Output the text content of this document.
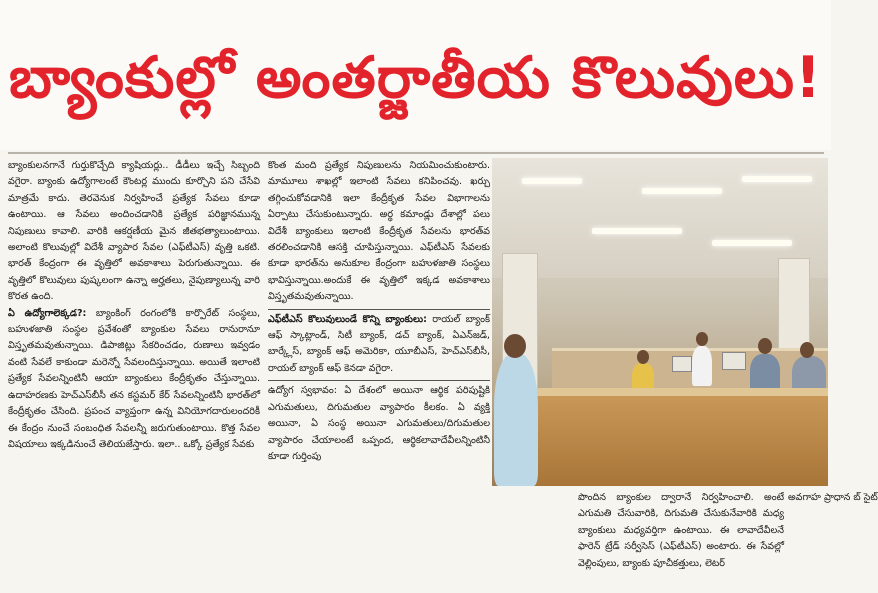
బ్యాంకుల్లో అంతర్జాతీయ కొలువులు!

బ్యాంకులనగానే గుర్తుకొచ్చేది క్యాషియర్లు.. డీడీలు ఇచ్చే సిబ్బంది వగైరా. బ్యాంకు ఉద్యోగాలంటే కౌంటర్ల ముందు కూర్చొని పని చేసేవి మాత్రమే కాదు. తెరవెనుక నిర్వహించే ప్రత్యేక సేవలు కూడా ఉంటాయి. ఆ సేవలు అందించడానికి ప్రత్యేక పరిజ్ఞానమున్న నిపుణులు కావాలి. వారికి ఆకర్షణీయ మైన జీతభత్యాలుంటాయి. అలాంటి కొలువుల్లో విదేశీ వ్యాపార సేవల (ఎఫ్‌టీఎస్) వృత్తి ఒకటి. భారత్ కేంద్రంగా ఈ వృత్తిలో అవకాశాలు పెరుగుతున్నాయి. ఈ వృత్తిలో కొలువులు పుష్కలంగా ఉన్నా అర్హతలు, నైపుణ్యాలున్న వారి కొరత ఉంది.

ఏ ఉద్యోగాలెక్కడ?: బ్యాంకింగ్ రంగంలోకి కార్పొరేట్ సంస్థలు, బహుళజాతి సంస్థల ప్రవేశంతో బ్యాంకుల సేవలు రానురానూ విస్తృతమవుతున్నాయి. డిపాజిట్లు సేకరించడం, రుణాలు ఇవ్వడం వంటి సేవలే కాకుండా మరెన్నో సేవలందిస్తున్నాయి. అయితే ఇలాంటి ప్రత్యేక సేవలన్నింటినీ ఆయా బ్యాంకులు కేంద్రీకృతం చేస్తున్నాయి. ఉదాహరణకు హెచ్ఎస్‌బీసీ తన కస్టమర్ కేర్ సేవలన్నింటినీ భారత్‌లో కేంద్రీకృతం చేసింది. ప్రపంచ వ్యాప్తంగా ఉన్న వినియోగదారులందరికీ ఈ కేంద్రం నుంచే సంబంధిత సేవలన్నీ జరుగుతుంటాయి. కొత్త సేవల విషయాలు ఇక్కడినుంచే తెలియజేస్తారు. ఇలా.. ఒక్కో ప్రత్యేక సేవకు

కొంత మంది ప్రత్యేక నిపుణులను నియమించుకుంటారు. మామూలు శాఖల్లో ఇలాంటి సేవలు కనిపించవు. ఖర్చు తగ్గించుకోవడానికి ఇలా కేంద్రీకృత సేవల విభాగాలను ఏర్పాటు చేసుకుంటున్నారు. అర్థ కమాండ్లు దేశాల్లో పలు విదేశీ బ్యాంకులు ఇలాంటి కేంద్రీకృత సేవలను భారత్‌వ తరలించడానికి ఆసక్తి చూపిస్తున్నాయి. ఎఫ్‌టీఎస్ సేవలకు కూడా భారత్‌ను అనుకూల కేంద్రంగా బహుళజాతి సంస్థలు భావిస్తున్నాయి.అందుకే ఈ వృత్తిలో ఇక్కడ అవకాశాలు విస్తృతమవుతున్నాయి.

ఎఫ్‌టీఎస్ కొలువులుండే కొన్ని బ్యాంకులు: రాయల్ బ్యాంక్ ఆఫ్ స్కాట్లాండ్, సిటీ బ్యాంక్, డచ్ బ్యాంక్, ఏఎన్‌జడ్, బార్క్లేస్, బ్యాంక్ ఆఫ్ అమెరికా, యూబీఎస్, హెచ్‌ఎస్‌బీసీ, రాయల్ బ్యాంక్ ఆఫ్ కెనడా వగైరా.

ఉద్యోగ స్వభావం: ఏ దేశంలో అయినా ఆర్థిక పరిపుష్టికి ఎగుమతులు, దిగుమతుల వ్యాపారం కీలకం. ఏ వ్యక్తి అయినా, ఏ సంస్థ అయినా ఎగుమతులు/దిగుమతుల వ్యాపారం చేయాలంటే ఒప్పంద, ఆర్థికలావాదేవీలన్నింటినీ కూడా గుర్తింపు

పొందిన బ్యాంకుల ద్వారానే నిర్వహించాలి. అంటే ఎగుమతి చేసువారికి, దిగుమతి చేసుకునేవారికి మధ్య బ్యాంకులు మధ్యవర్తిగా ఉంటాయి. ఈ లావాదేవీలనే ఫారెన్ ట్రేడ్ సర్వీసెస్ (ఎఫ్‌టీఎస్) అంటారు. ఈ సేవల్లో వెల్లింపులు, బ్యాంకు పూచీకత్తులు, లెటర్

అవగాహ ప్రాధాన బ్ సైట్
